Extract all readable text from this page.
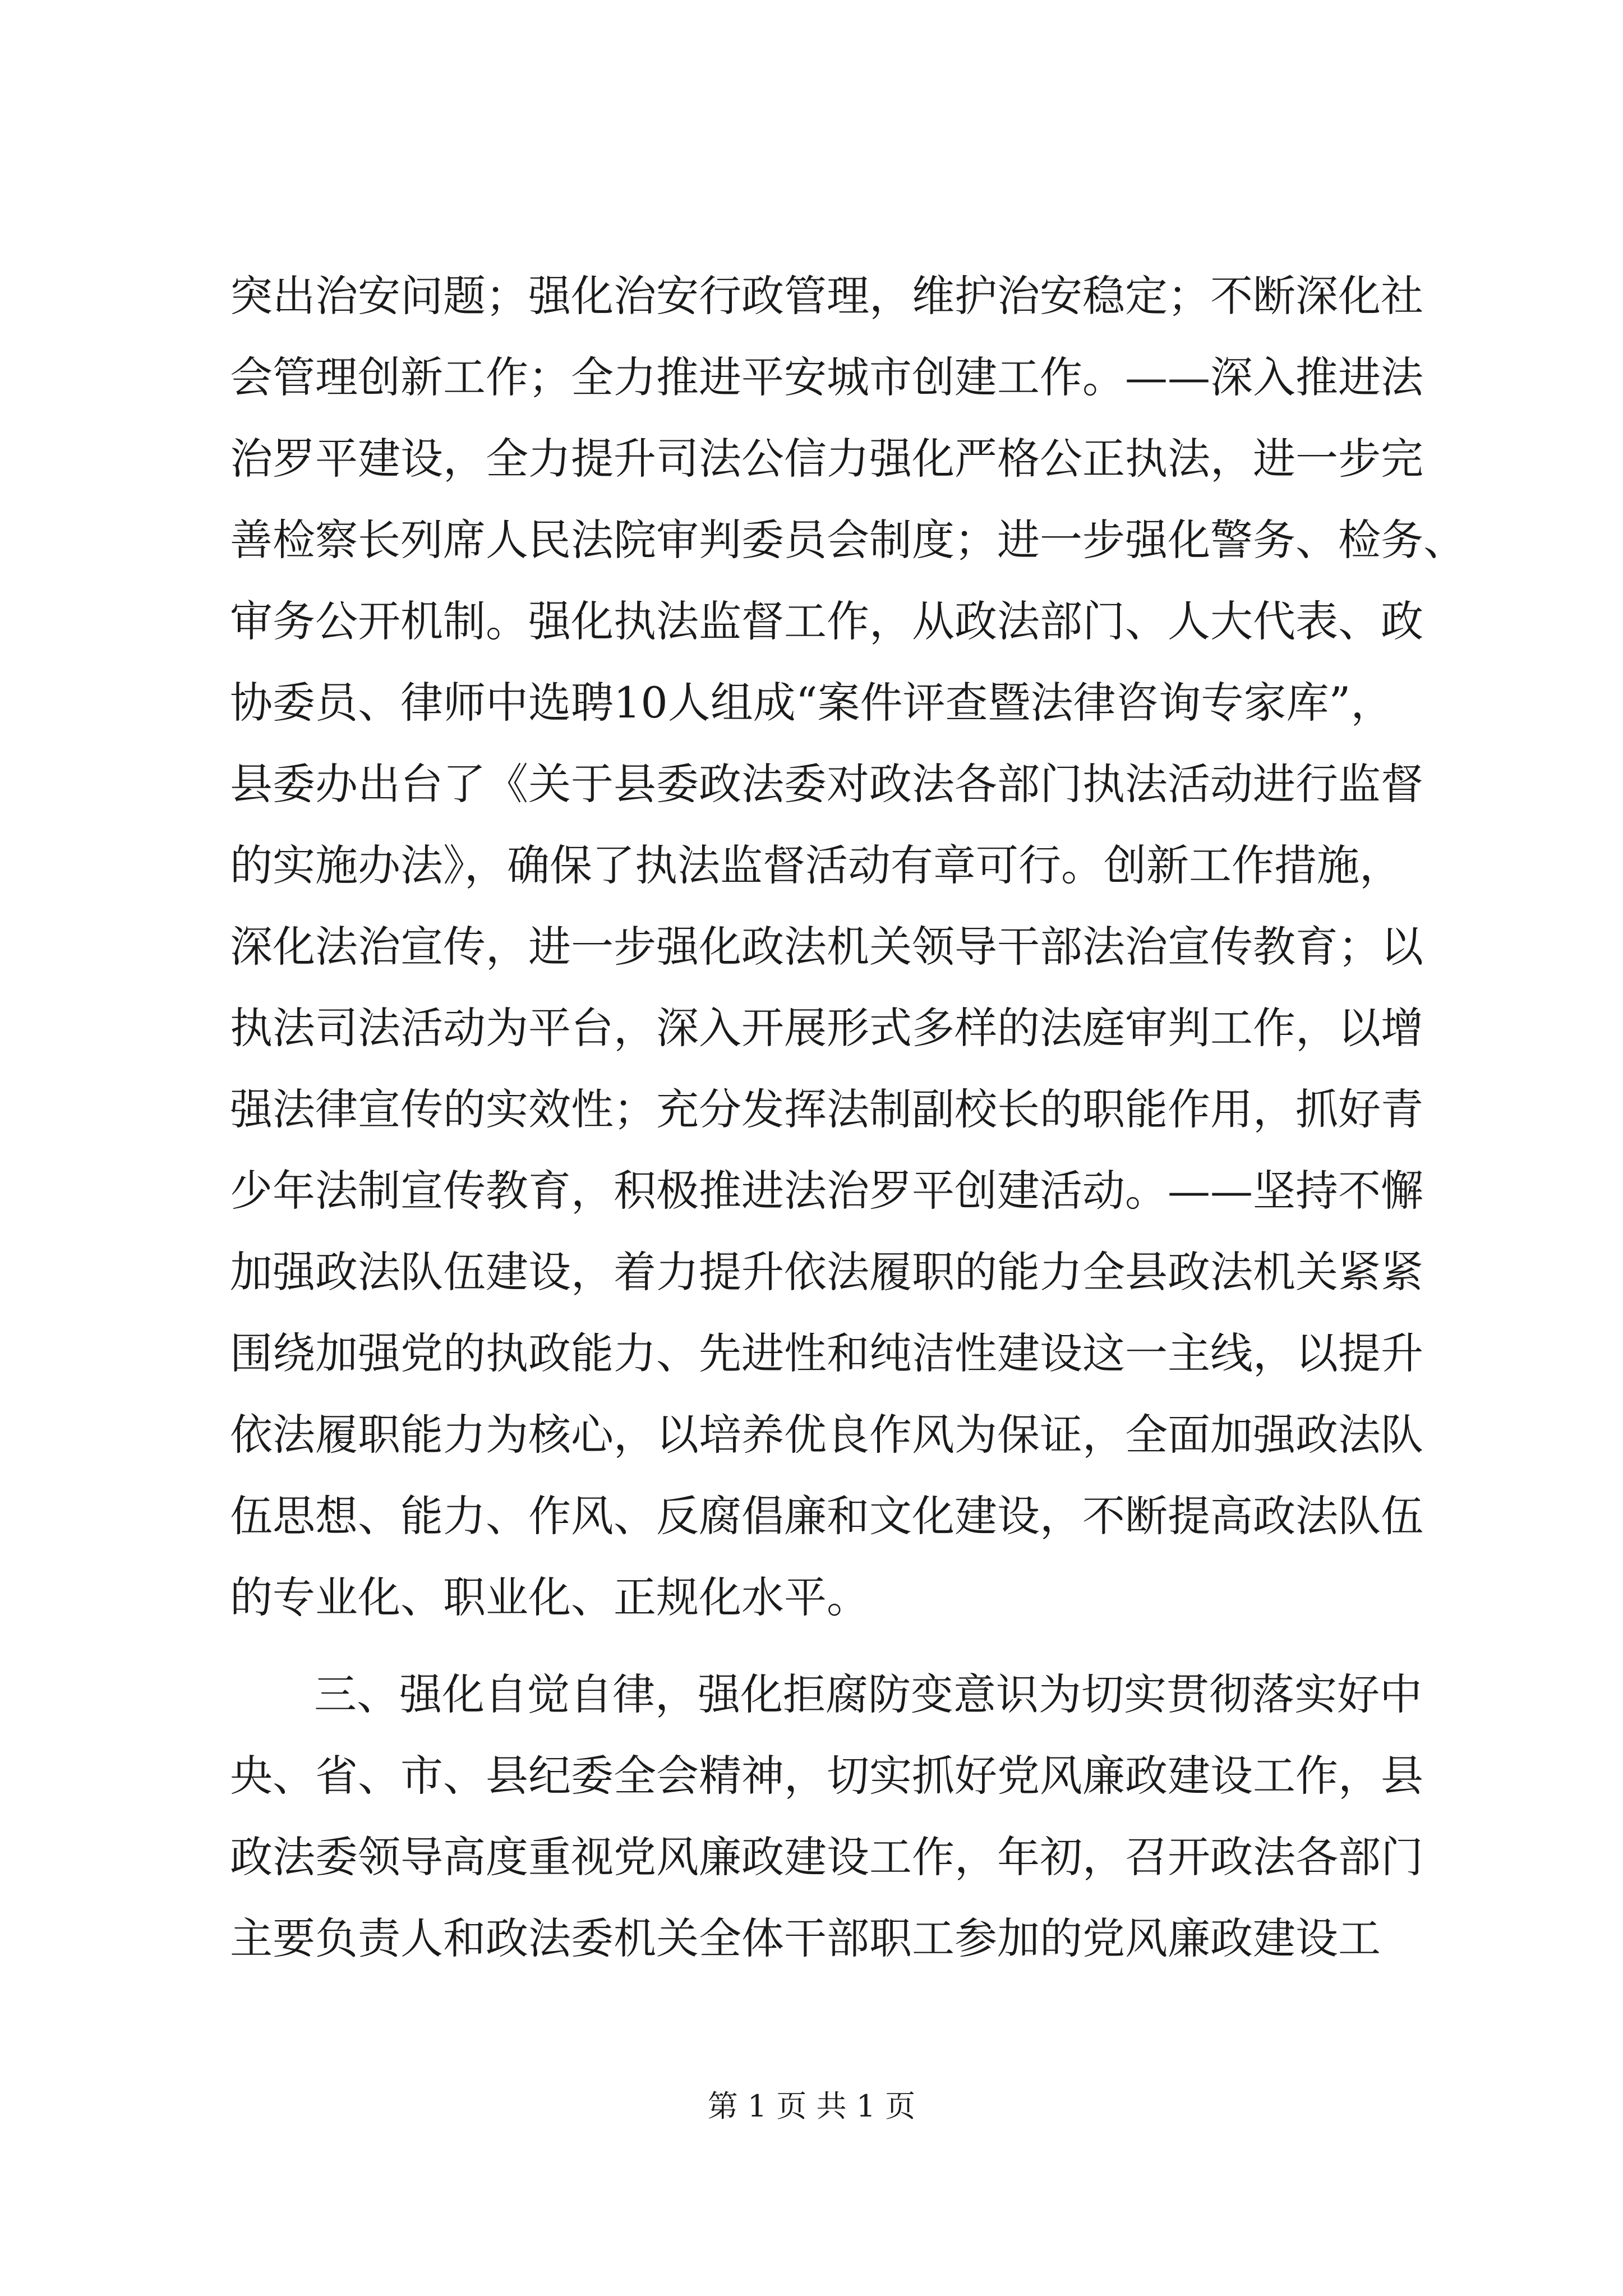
突出治安问题；强化治安行政管理，维护治安稳定；不断深化社
会管理创新工作；全力推进平安城市创建工作。——深入推进法
治罗平建设，全力提升司法公信力强化严格公正执法，进一步完
善检察长列席人民法院审判委员会制度；进一步强化警务、检务、
审务公开机制。强化执法监督工作，从政法部门、人大代表、政
协委员、律师中选聘10人组成“案件评查暨法律咨询专家库”，
县委办出台了《关于县委政法委对政法各部门执法活动进行监督
的实施办法》，确保了执法监督活动有章可行。创新工作措施，
深化法治宣传，进一步强化政法机关领导干部法治宣传教育；以
执法司法活动为平台，深入开展形式多样的法庭审判工作，以增
强法律宣传的实效性；充分发挥法制副校长的职能作用，抓好青
少年法制宣传教育，积极推进法治罗平创建活动。——坚持不懈
加强政法队伍建设，着力提升依法履职的能力全县政法机关紧紧
围绕加强党的执政能力、先进性和纯洁性建设这一主线，以提升
依法履职能力为核心，以培养优良作风为保证，全面加强政法队
伍思想、能力、作风、反腐倡廉和文化建设，不断提高政法队伍
的专业化、职业化、正规化水平。
三、强化自觉自律，强化拒腐防变意识为切实贯彻落实好中
央、省、市、县纪委全会精神，切实抓好党风廉政建设工作，县
政法委领导高度重视党风廉政建设工作，年初，召开政法各部门
主要负责人和政法委机关全体干部职工参加的党风廉政建设工
第 1 页 共 1 页
